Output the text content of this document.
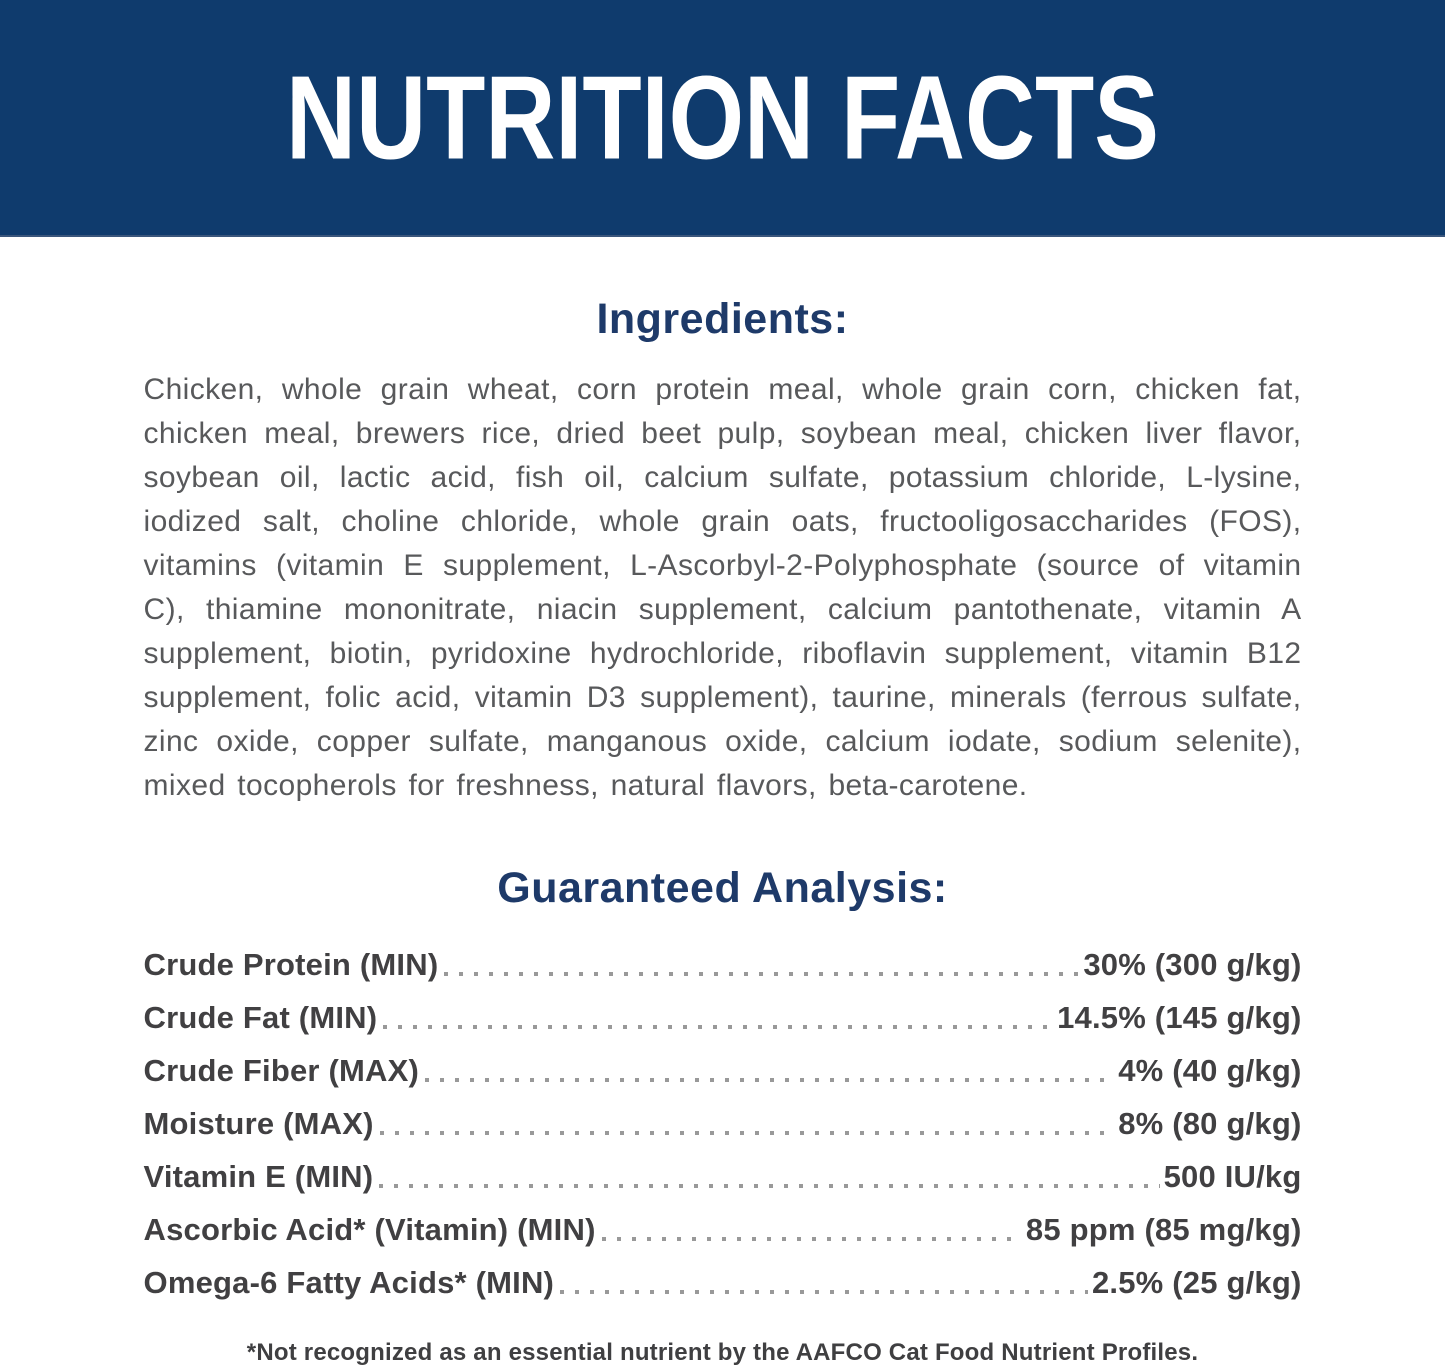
NUTRITION FACTS
Ingredients:

Chicken, whole grain wheat, corn protein meal, whole grain corn, chicken fat, chicken meal, brewers rice, dried beet pulp, soybean meal, chicken liver flavor, soybean oil, lactic acid, fish oil, calcium sulfate, potassium chloride, L-lysine, iodized salt, choline chloride, whole grain oats, fructooligosaccharides (FOS), vitamins (vitamin E supplement, L-Ascorbyl-2-Polyphosphate (source of vitamin C), thiamine mononitrate, niacin supplement, calcium pantothenate, vitamin A supplement, biotin, pyridoxine hydrochloride, riboflavin supplement, vitamin B12 supplement, folic acid, vitamin D3 supplement), taurine, minerals (ferrous sulfate, zinc oxide, copper sulfate, manganous oxide, calcium iodate, sodium selenite), mixed tocopherols for freshness, natural flavors, beta-carotene.

Guaranteed Analysis:
Crude Protein (MIN)	30% (300 g/kg)
Crude Fat (MIN)	14.5% (145 g/kg)
Crude Fiber (MAX)	4% (40 g/kg)
Moisture (MAX)	8% (80 g/kg)
Vitamin E (MIN)	500 IU/kg
Ascorbic Acid* (Vitamin) (MIN)	85 ppm (85 mg/kg)
Omega-6 Fatty Acids* (MIN)	2.5% (25 g/kg)

*Not recognized as an essential nutrient by the AAFCO Cat Food Nutrient Profiles.
